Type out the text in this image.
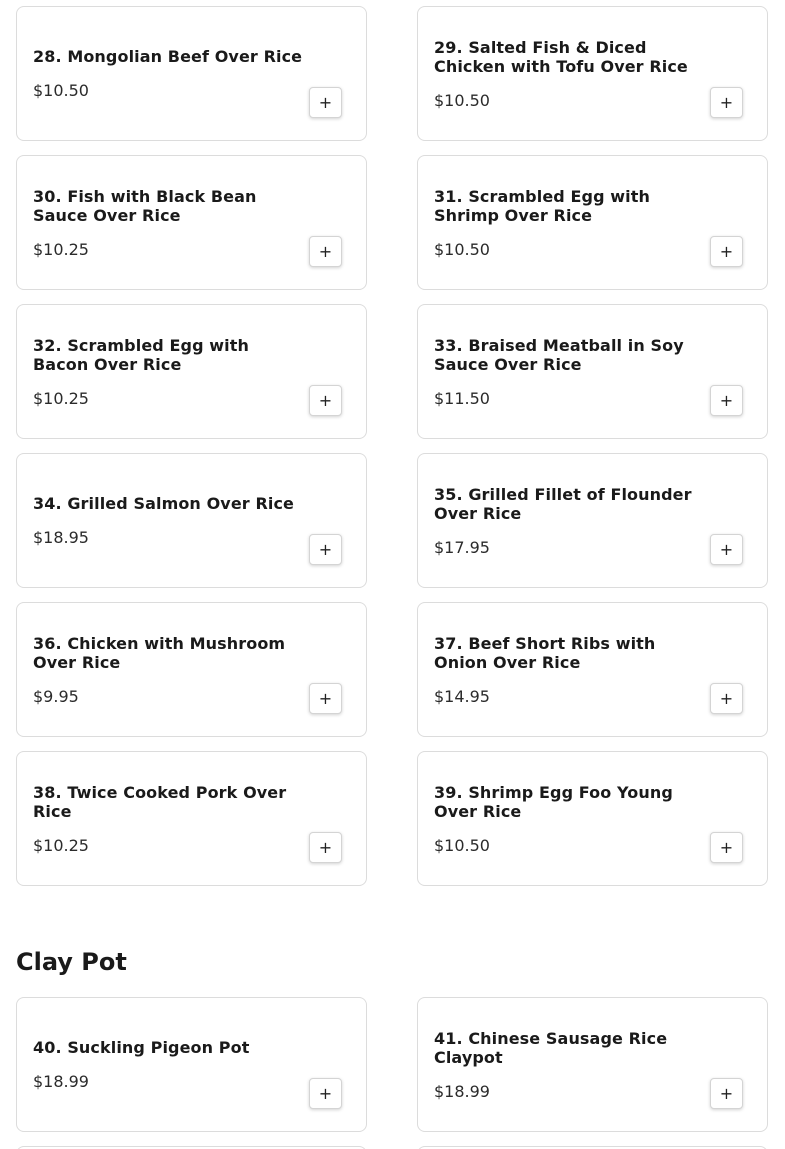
28. Mongolian Beef Over Rice
$10.50
+
29. Salted Fish & Diced Chicken with Tofu Over Rice
$10.50	+
30. Fish with Black Bean Sauce Over Rice
$10.25	+
31. Scrambled Egg with Shrimp Over Rice
$10.50	+
32. Scrambled Egg with Bacon Over Rice
$10.25	+
33. Braised Meatball in Soy Sauce Over Rice
$11.50	+
34. Grilled Salmon Over Rice
$18.95
+
35. Grilled Fillet of Flounder Over Rice
$17.95	+
36. Chicken with Mushroom Over Rice
$9.95	+
37. Beef Short Ribs with Onion Over Rice
$14.95	+
38. Twice Cooked Pork Over Rice
$10.25	+
39. Shrimp Egg Foo Young Over Rice
$10.50	+
Clay Pot
40. Suckling Pigeon Pot
$18.99
+
41. Chinese Sausage Rice Claypot
$18.99	+
